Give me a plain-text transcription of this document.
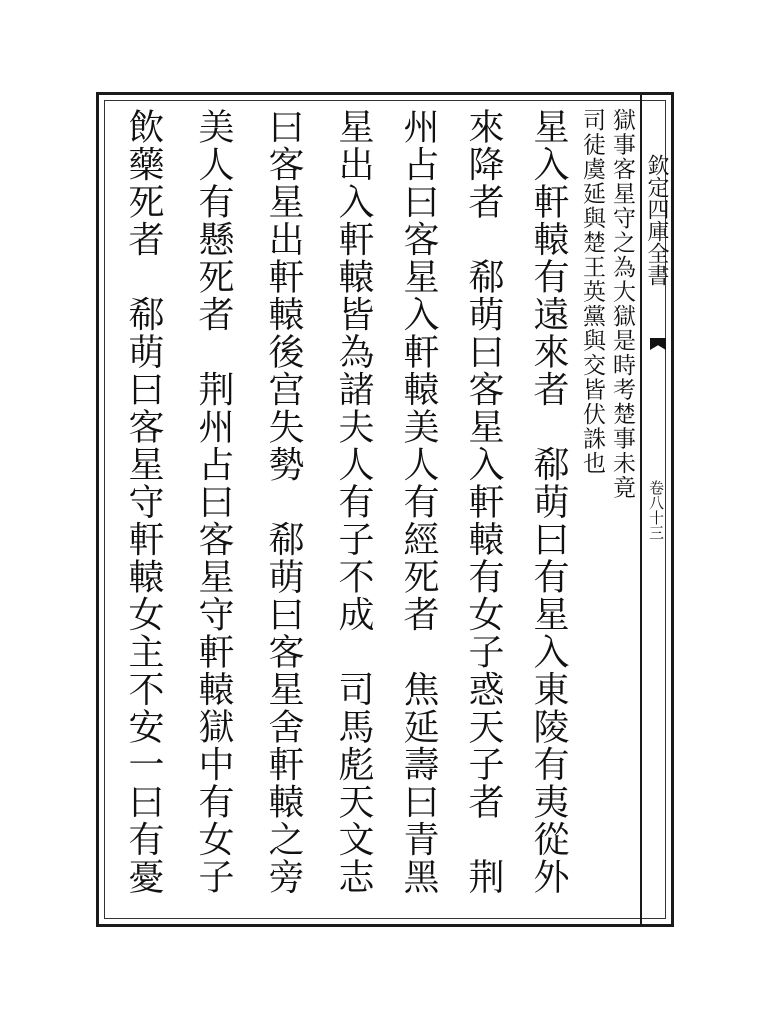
欽定四庫全書
卷八十三
獄事客星守之為大獄是時考楚事未竟
司徒虞延與楚王英黨與交皆伏誅也
星入軒轅有遠來者　郗萌曰有星入東陵有夷從外
來降者　郗萌曰客星入軒轅有女子惑天子者　荆
州占曰客星入軒轅美人有經死者　焦延壽曰青黑
星出入軒轅皆為諸夫人有子不成　司馬彪天文志
曰客星出軒轅後宫失勢　郗萌曰客星舍軒轅之旁
美人有懸死者　荆州占曰客星守軒轅獄中有女子
飲藥死者　郗萌曰客星守軒轅女主不安一曰有憂
